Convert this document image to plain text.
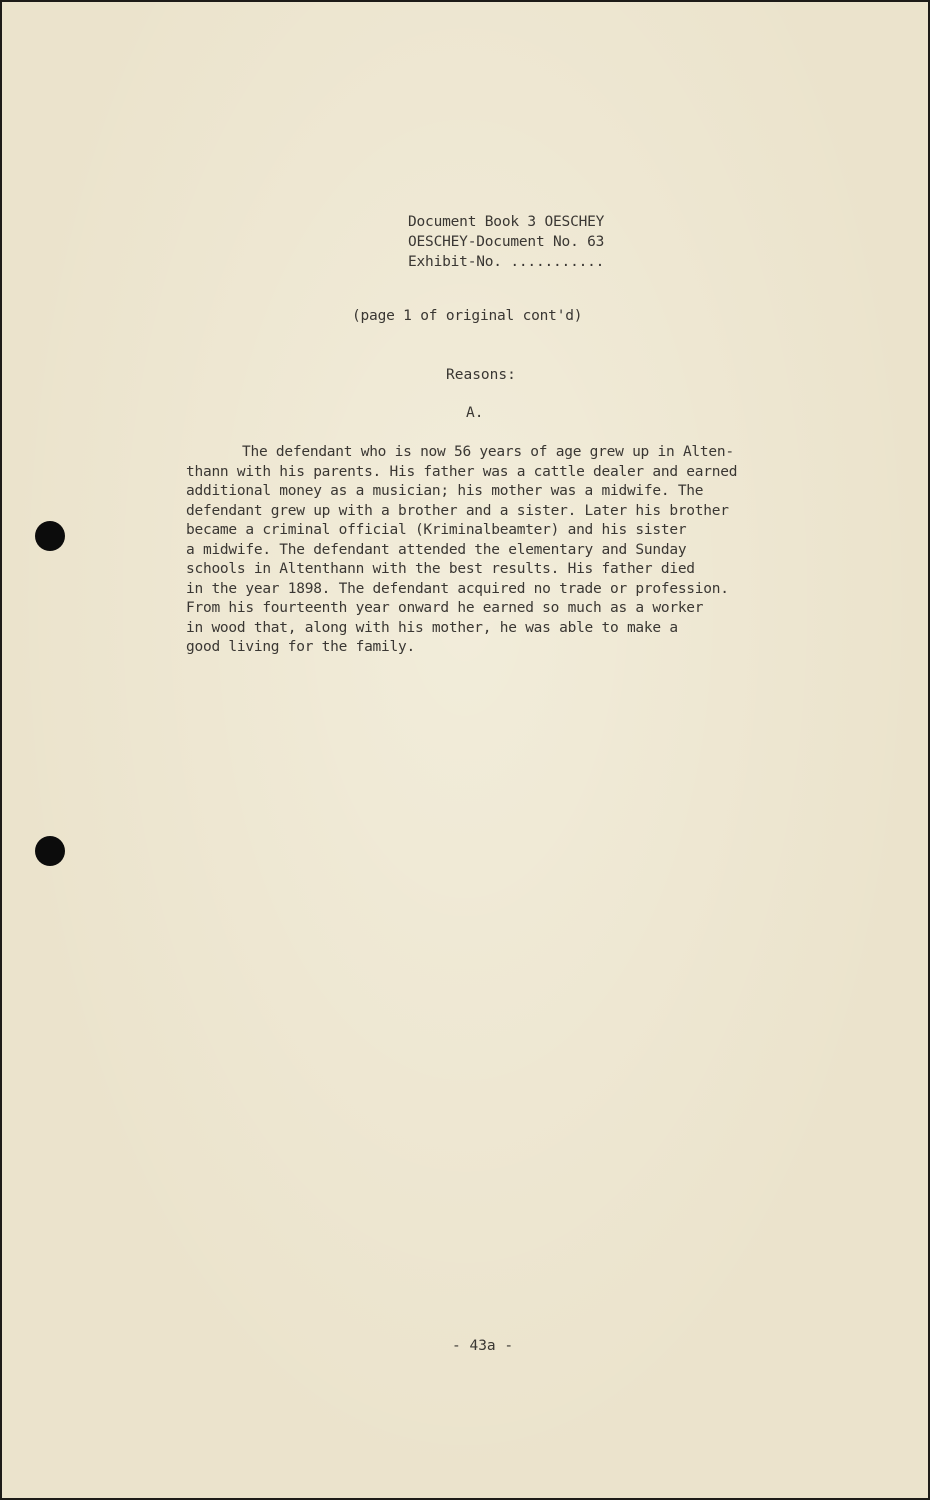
Document Book 3 OESCHEY
OESCHEY-Document No. 63
Exhibit-No. ...........
(page 1 of original cont'd)
Reasons:
A.
The defendant who is now 56 years of age grew up in Alten-
thann with his parents. His father was a cattle dealer and earned
additional money as a musician; his mother was a midwife. The
defendant grew up with a brother and a sister. Later his brother
became a criminal official (Kriminalbeamter) and his sister
a midwife. The defendant attended the elementary and Sunday
schools in Altenthann with the best results. His father died
in the year 1898. The defendant acquired no trade or profession.
From his fourteenth year onward he earned so much as a worker
in wood that, along with his mother, he was able to make a
good living for the family.
- 43a -
